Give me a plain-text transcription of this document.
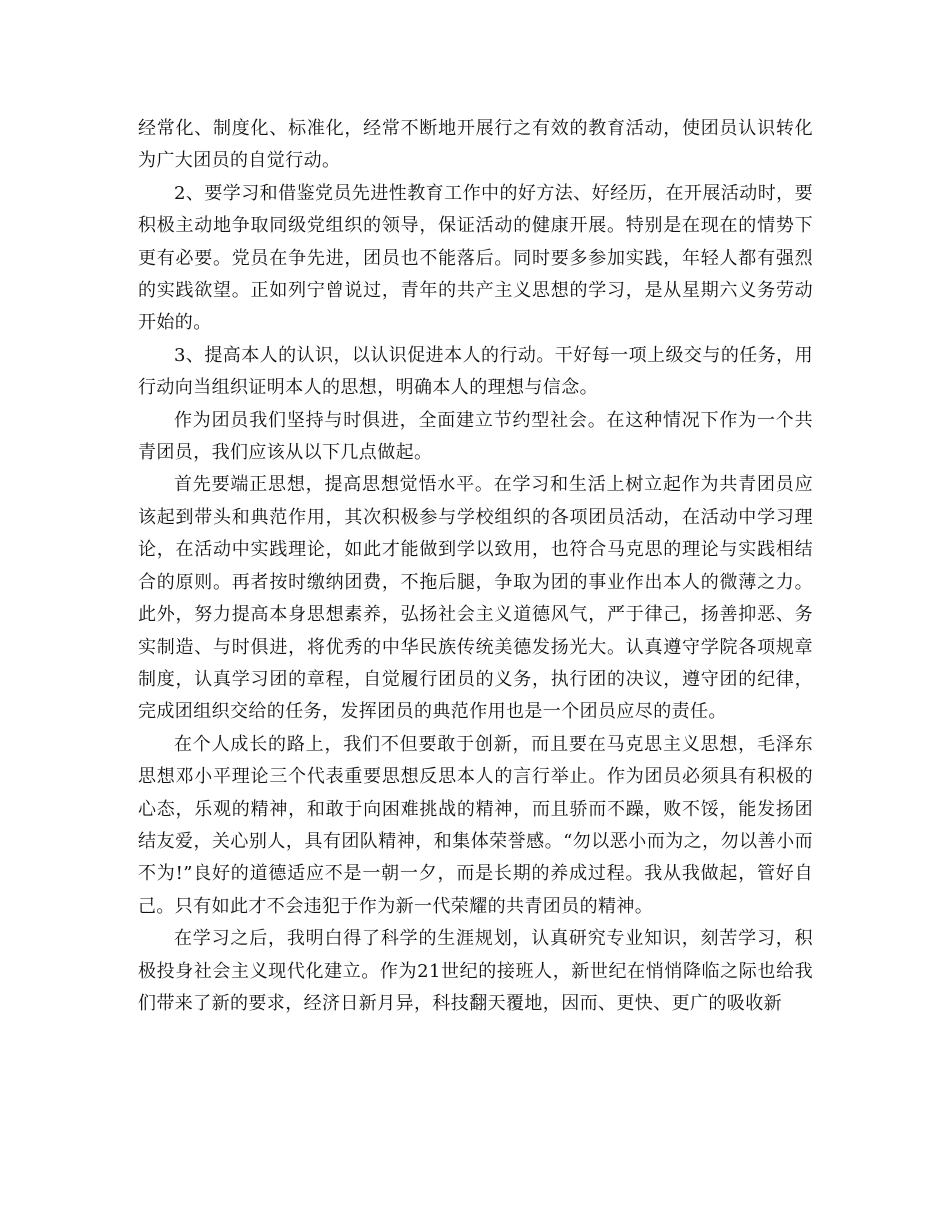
经常化、制度化、标准化，经常不断地开展行之有效的教育活动，使团员认识转化为广大团员的自觉行动。

2、要学习和借鉴党员先进性教育工作中的好方法、好经历，在开展活动时，要积极主动地争取同级党组织的领导，保证活动的健康开展。特别是在现在的情势下更有必要。党员在争先进，团员也不能落后。同时要多参加实践，年轻人都有强烈的实践欲望。正如列宁曾说过，青年的共产主义思想的学习，是从星期六义务劳动开始的。

3、提高本人的认识，以认识促进本人的行动。干好每一项上级交与的任务，用行动向当组织证明本人的思想，明确本人的理想与信念。

作为团员我们坚持与时俱进，全面建立节约型社会。在这种情况下作为一个共青团员，我们应该从以下几点做起。

首先要端正思想，提高思想觉悟水平。在学习和生活上树立起作为共青团员应该起到带头和典范作用，其次积极参与学校组织的各项团员活动，在活动中学习理论，在活动中实践理论，如此才能做到学以致用，也符合马克思的理论与实践相结合的原则。再者按时缴纳团费，不拖后腿，争取为团的事业作出本人的微薄之力。此外，努力提高本身思想素养，弘扬社会主义道德风气，严于律己，扬善抑恶、务实制造、与时俱进，将优秀的中华民族传统美德发扬光大。认真遵守学院各项规章制度，认真学习团的章程，自觉履行团员的义务，执行团的决议，遵守团的纪律，完成团组织交给的任务，发挥团员的典范作用也是一个团员应尽的责任。

在个人成长的路上，我们不但要敢于创新，而且要在马克思主义思想，毛泽东思想邓小平理论三个代表重要思想反思本人的言行举止。作为团员必须具有积极的心态，乐观的精神，和敢于向困难挑战的精神，而且骄而不躁，败不馁，能发扬团结友爱，关心别人，具有团队精神，和集体荣誉感。“勿以恶小而为之，勿以善小而不为!”良好的道德适应不是一朝一夕，而是长期的养成过程。我从我做起，管好自己。只有如此才不会违犯于作为新一代荣耀的共青团员的精神。

在学习之后，我明白得了科学的生涯规划，认真研究专业知识，刻苦学习，积极投身社会主义现代化建立。作为21世纪的接班人，新世纪在悄悄降临之际也给我们带来了新的要求，经济日新月异，科技翻天覆地，因而、更快、更广的吸收新
